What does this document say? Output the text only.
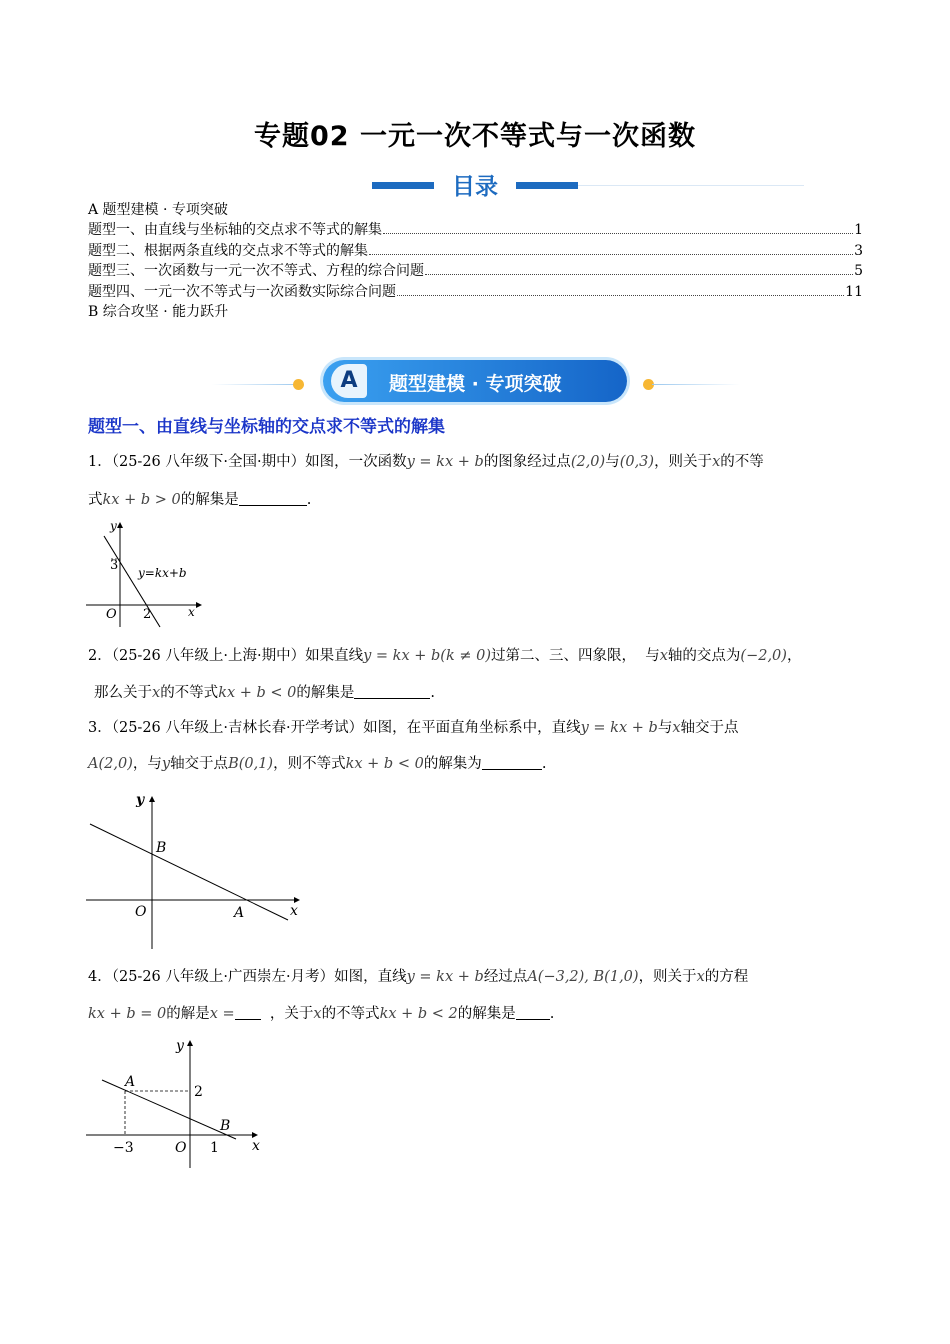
专题02 一元一次不等式与一次函数
目录
A 题型建模 · 专项突破
题型一、由直线与坐标轴的交点求不等式的解集	1
题型二、根据两条直线的交点求不等式的解集	3
题型三、一次函数与一元一次不等式、方程的综合问题	5
题型四、一元一次不等式与一次函数实际综合问题	11
B 综合攻坚 · 能力跃升
A	题型建模 · 专项突破
题型一、由直线与坐标轴的交点求不等式的解集
1．（25-26 八年级下·全国·期中）如图，一次函数y = kx + b的图象经过点(2,0)与(0,3)，则关于x的不等
式kx + b > 0的解集是	.
y
x
O
3
2
y=kx+b
2．（25-26 八年级上·上海·期中）如果直线y = kx + b(k ≠ 0)过第二、三、四象限， 与x轴的交点为(−2,0)，
那么关于x的不等式kx + b < 0的解集是	.
3．（25-26 八年级上·吉林长春·开学考试）如图，在平面直角坐标系中，直线y = kx + b与x轴交于点
A(2,0)，与y轴交于点B(0,1)，则不等式kx + b < 0的解集为	.
y
x
O	A
B
4．（25-26 八年级上·广西崇左·月考）如图，直线y = kx + b经过点A(−3,2), B(1,0)，则关于x的方程
kx + b = 0的解是x = ，关于x的不等式kx + b < 2的解集是 .
y
x
O
A
B
2
−3	1
